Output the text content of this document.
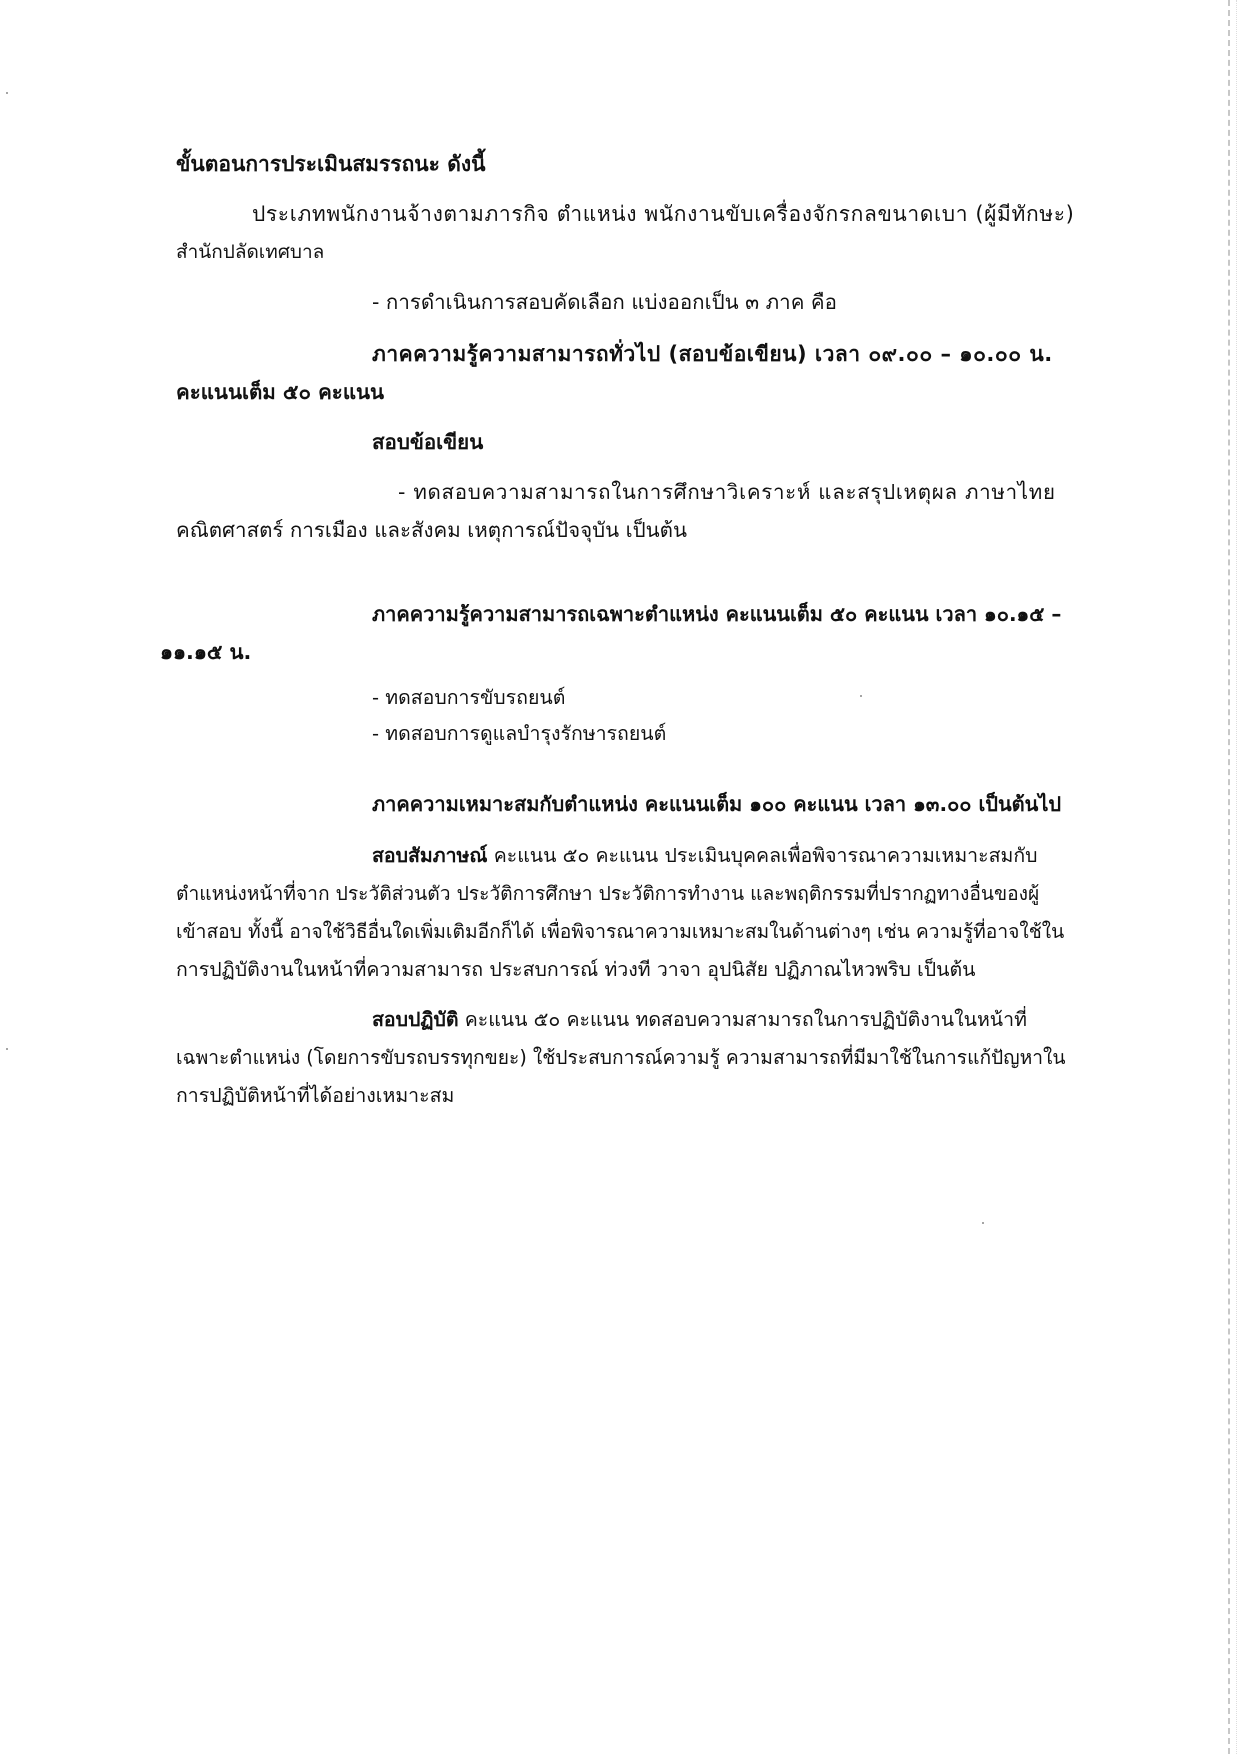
ขั้นตอนการประเมินสมรรถนะ ดังนี้

ประเภทพนักงานจ้างตามภารกิจ ตำแหน่ง พนักงานขับเครื่องจักรกลขนาดเบา (ผู้มีทักษะ)

สำนักปลัดเทศบาล

- การดำเนินการสอบคัดเลือก แบ่งออกเป็น ๓ ภาค คือ

ภาคความรู้ความสามารถทั่วไป (สอบข้อเขียน) เวลา ๐๙.๐๐ – ๑๐.๐๐ น.

คะแนนเต็ม ๕๐ คะแนน

สอบข้อเขียน

- ทดสอบความสามารถในการศึกษาวิเคราะห์ และสรุปเหตุผล ภาษาไทย

คณิตศาสตร์ การเมือง และสังคม เหตุการณ์ปัจจุบัน เป็นต้น

ภาคความรู้ความสามารถเฉพาะตำแหน่ง คะแนนเต็ม ๕๐ คะแนน เวลา ๑๐.๑๕ –

๑๑.๑๕ น.

- ทดสอบการขับรถยนต์

- ทดสอบการดูแลบำรุงรักษารถยนต์

ภาคความเหมาะสมกับตำแหน่ง คะแนนเต็ม ๑๐๐ คะแนน เวลา ๑๓.๐๐ เป็นต้นไป

สอบสัมภาษณ์ คะแนน ๕๐ คะแนน ประเมินบุคคลเพื่อพิจารณาความเหมาะสมกับ

ตำแหน่งหน้าที่จาก ประวัติส่วนตัว ประวัติการศึกษา ประวัติการทำงาน และพฤติกรรมที่ปรากฏทางอื่นของผู้

เข้าสอบ ทั้งนี้ อาจใช้วิธีอื่นใดเพิ่มเติมอีกก็ได้ เพื่อพิจารณาความเหมาะสมในด้านต่างๆ เช่น ความรู้ที่อาจใช้ใน

การปฏิบัติงานในหน้าที่ความสามารถ ประสบการณ์ ท่วงที วาจา อุปนิสัย ปฏิภาณไหวพริบ เป็นต้น

สอบปฏิบัติ คะแนน ๕๐ คะแนน ทดสอบความสามารถในการปฏิบัติงานในหน้าที่

เฉพาะตำแหน่ง (โดยการขับรถบรรทุกขยะ) ใช้ประสบการณ์ความรู้ ความสามารถที่มีมาใช้ในการแก้ปัญหาใน

การปฏิบัติหน้าที่ได้อย่างเหมาะสม
